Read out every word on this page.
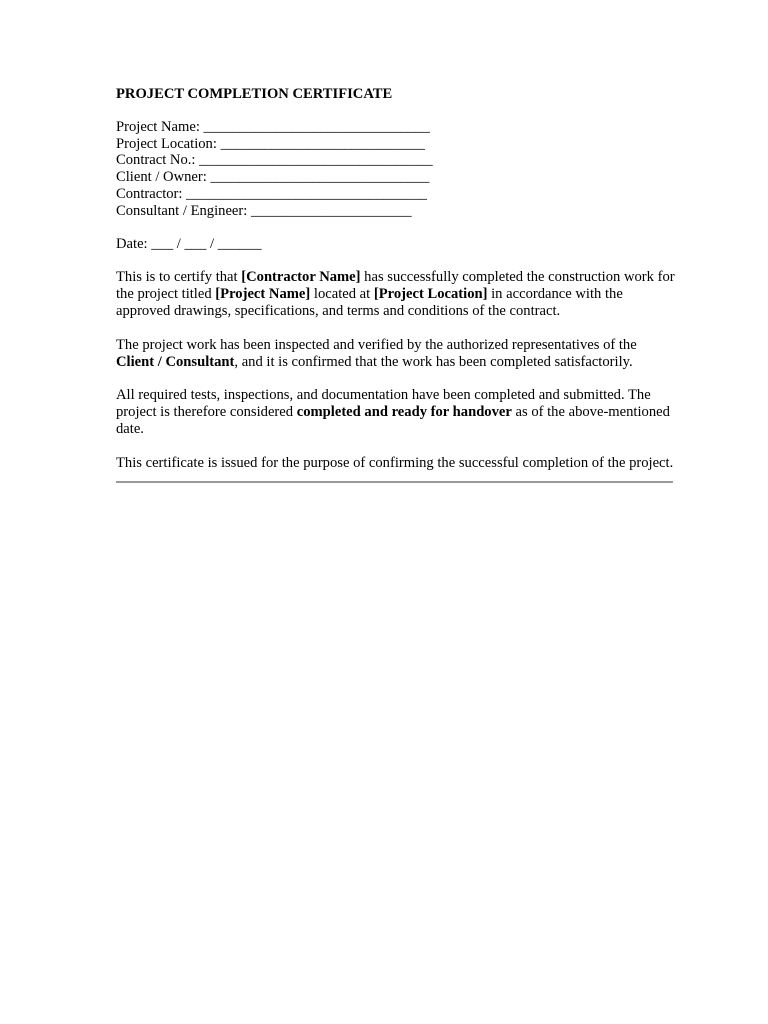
PROJECT COMPLETION CERTIFICATE
Project Name: _______________________________
Project Location: ____________________________
Contract No.: ________________________________
Client / Owner: ______________________________
Contractor: _________________________________
Consultant / Engineer: ______________________
Date: ___ / ___ / ______

This is to certify that [Contractor Name] has successfully completed the construction work for the project titled [Project Name] located at [Project Location] in accordance with the approved drawings, specifications, and terms and conditions of the contract.

The project work has been inspected and verified by the authorized representatives of the Client / Consultant, and it is confirmed that the work has been completed satisfactorily.

All required tests, inspections, and documentation have been completed and submitted. The project is therefore considered completed and ready for handover as of the above-mentioned date.

This certificate is issued for the purpose of confirming the successful completion of the project.
